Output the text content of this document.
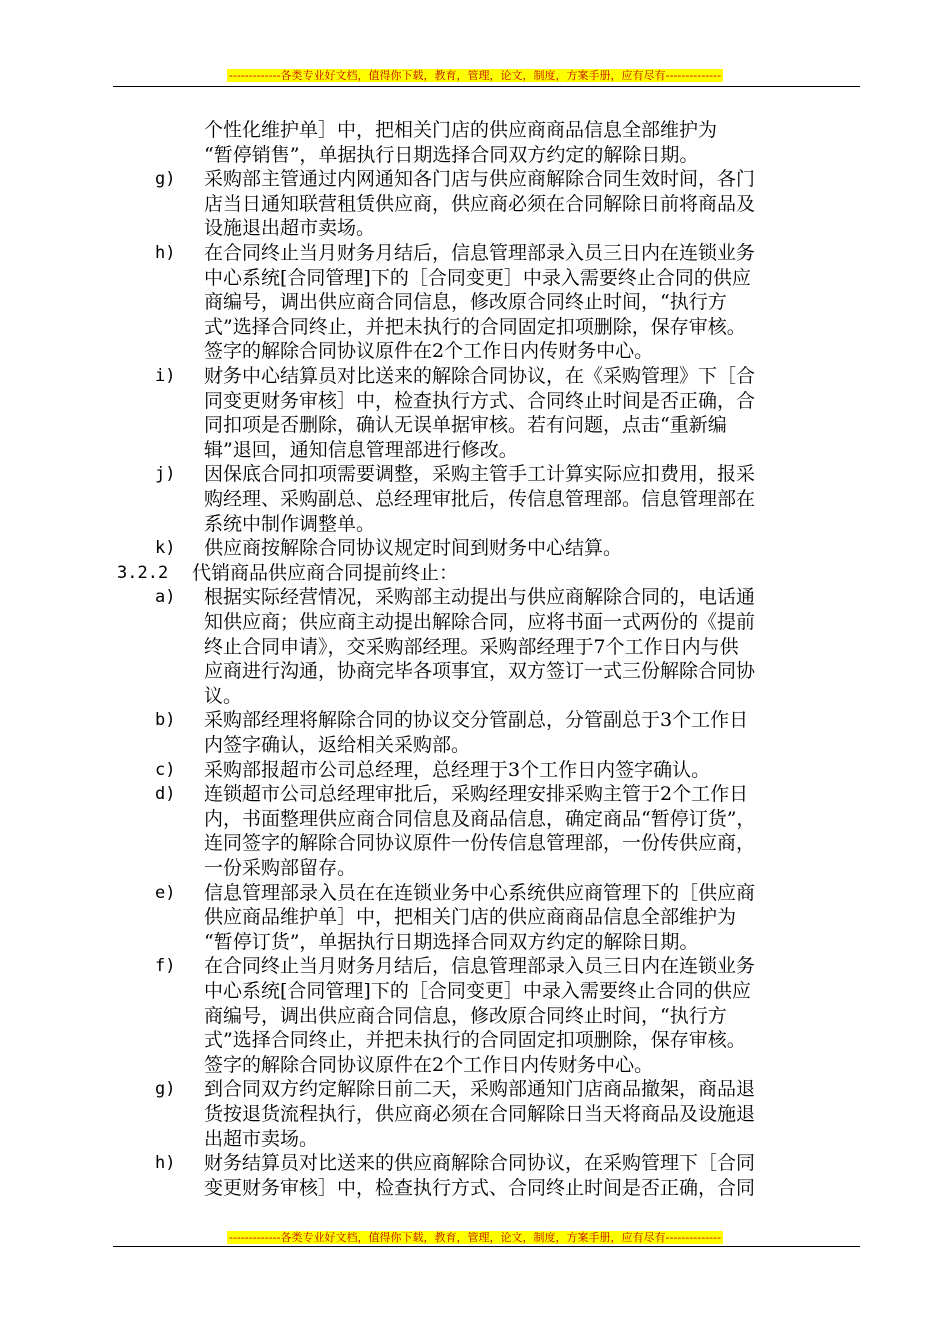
-------------各类专业好文档，值得你下载，教育，管理，论文，制度，方案手册，应有尽有--------------
个性化维护单］中，把相关门店的供应商商品信息全部维护为
“暂停销售”，单据执行日期选择合同双方约定的解除日期。
g)	采购部主管通过内网通知各门店与供应商解除合同生效时间，各门
店当日通知联营租赁供应商，供应商必须在合同解除日前将商品及
设施退出超市卖场。
h)	在合同终止当月财务月结后，信息管理部录入员三日内在连锁业务
中心系统[合同管理]下的［合同变更］中录入需要终止合同的供应
商编号，调出供应商合同信息，修改原合同终止时间，“执行方
式”选择合同终止，并把未执行的合同固定扣项删除，保存审核。
签字的解除合同协议原件在2个工作日内传财务中心。
i)	财务中心结算员对比送来的解除合同协议，在《采购管理》下［合
同变更财务审核］中，检查执行方式、合同终止时间是否正确，合
同扣项是否删除，确认无误单据审核。若有问题，点击“重新编
辑”退回，通知信息管理部进行修改。
j)	因保底合同扣项需要调整，采购主管手工计算实际应扣费用，报采
购经理、采购副总、总经理审批后，传信息管理部。信息管理部在
系统中制作调整单。
k)	供应商按解除合同协议规定时间到财务中心结算。
3.2.2 代销商品供应商合同提前终止：
a)	根据实际经营情况，采购部主动提出与供应商解除合同的，电话通
知供应商；供应商主动提出解除合同，应将书面一式两份的《提前
终止合同申请》，交采购部经理。采购部经理于7个工作日内与供
应商进行沟通，协商完毕各项事宜，双方签订一式三份解除合同协
议。
b)	采购部经理将解除合同的协议交分管副总，分管副总于3个工作日
内签字确认，返给相关采购部。
c)	采购部报超市公司总经理，总经理于3个工作日内签字确认。
d)	连锁超市公司总经理审批后，采购经理安排采购主管于2个工作日
内，书面整理供应商合同信息及商品信息，确定商品“暂停订货”，
连同签字的解除合同协议原件一份传信息管理部，一份传供应商，
一份采购部留存。
e)	信息管理部录入员在在连锁业务中心系统供应商管理下的［供应商
供应商品维护单］中，把相关门店的供应商商品信息全部维护为
“暂停订货”，单据执行日期选择合同双方约定的解除日期。
f)	在合同终止当月财务月结后，信息管理部录入员三日内在连锁业务
中心系统[合同管理]下的［合同变更］中录入需要终止合同的供应
商编号，调出供应商合同信息，修改原合同终止时间，“执行方
式”选择合同终止，并把未执行的合同固定扣项删除，保存审核。
签字的解除合同协议原件在2个工作日内传财务中心。
g)	到合同双方约定解除日前二天，采购部通知门店商品撤架，商品退
货按退货流程执行，供应商必须在合同解除日当天将商品及设施退
出超市卖场。
h)	财务结算员对比送来的供应商解除合同协议，在采购管理下［合同
变更财务审核］中，检查执行方式、合同终止时间是否正确，合同
-------------各类专业好文档，值得你下载，教育，管理，论文，制度，方案手册，应有尽有--------------
